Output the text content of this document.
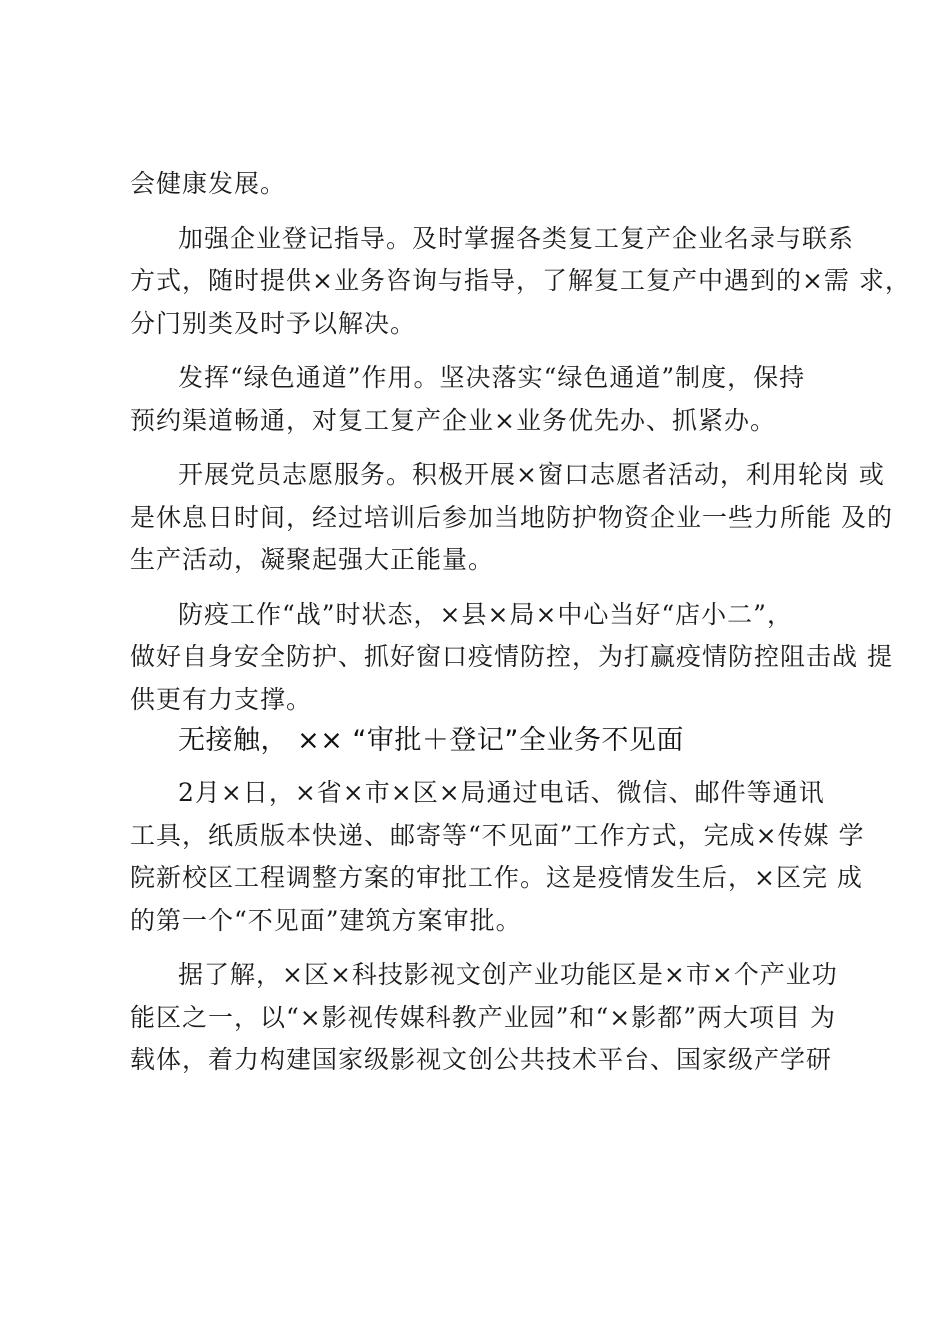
会健康发展。
加强企业登记指导。及时掌握各类复工复产企业名录与联系
方式，随时提供×业务咨询与指导，了解复工复产中遇到的×需 求，
分门别类及时予以解决。
发挥“绿色通道”作用。坚决落实“绿色通道”制度，保持
预约渠道畅通，对复工复产企业×业务优先办、抓紧办。
开展党员志愿服务。积极开展×窗口志愿者活动，利用轮岗 或
是休息日时间，经过培训后参加当地防护物资企业一些力所能 及的
生产活动，凝聚起强大正能量。
防疫工作“战”时状态，×县×局×中心当好“店小二”，
做好自身安全防护、抓好窗口疫情防控，为打赢疫情防控阻击战 提
供更有力支撑。
无接触， ×× “审批＋登记”全业务不见面
2月×日，×省×市×区×局通过电话、微信、邮件等通讯
工具，纸质版本快递、邮寄等“不见面”工作方式，完成×传媒 学
院新校区工程调整方案的审批工作。这是疫情发生后，×区完 成
的第一个“不见面”建筑方案审批。
据了解，×区×科技影视文创产业功能区是×市×个产业功
能区之一，以“×影视传媒科教产业园”和“×影都”两大项目 为
载体，着力构建国家级影视文创公共技术平台、国家级产学研
